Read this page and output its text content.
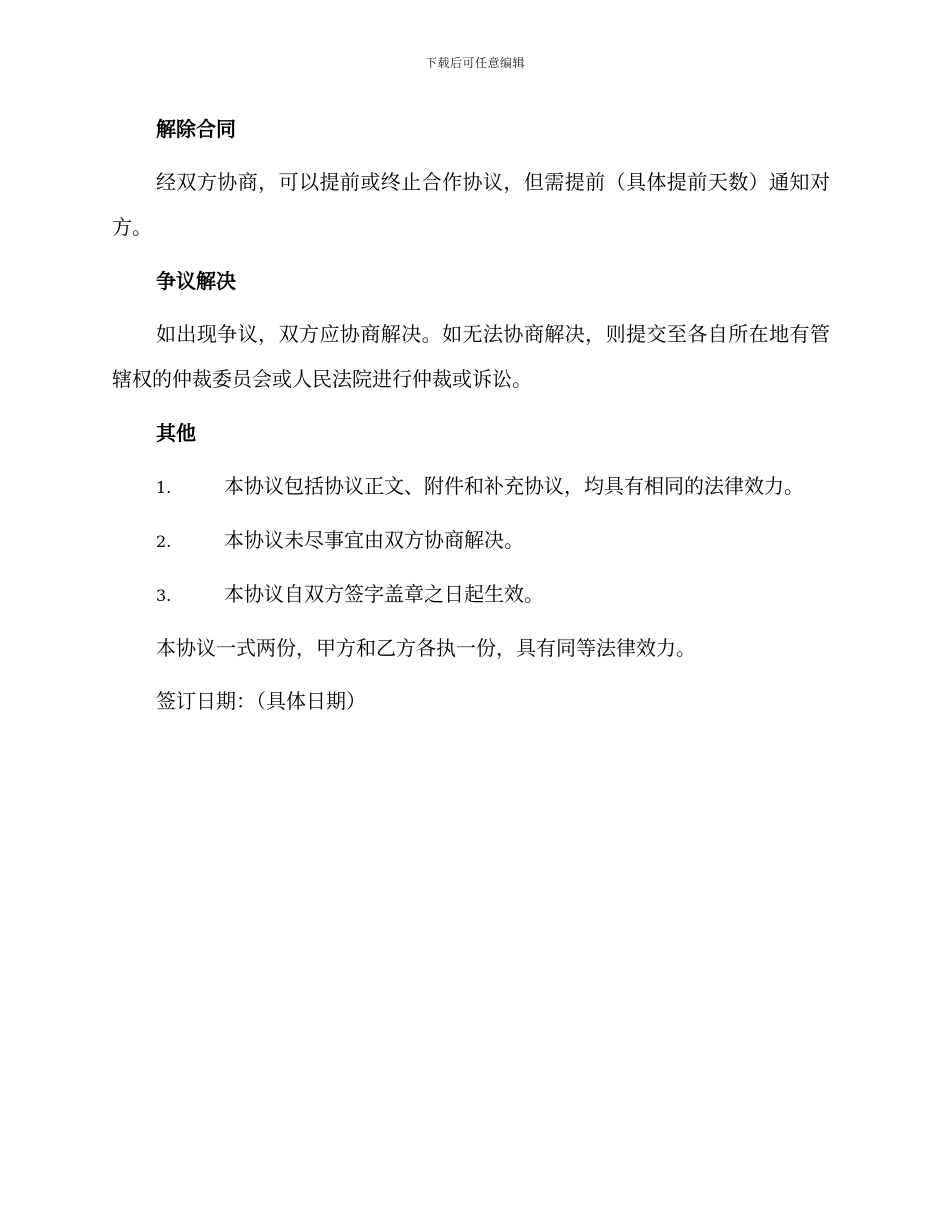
下载后可任意编辑
解除合同
经双方协商，可以提前或终止合作协议，但需提前（具体提前天数）通知对方。
争议解决
如出现争议，双方应协商解决。如无法协商解决，则提交至各自所在地有管辖权的仲裁委员会或人民法院进行仲裁或诉讼。
其他
1.	本协议包括协议正文、附件和补充协议，均具有相同的法律效力。
2.	本协议未尽事宜由双方协商解决。
3.	本协议自双方签字盖章之日起生效。
本协议一式两份，甲方和乙方各执一份，具有同等法律效力。
签订日期：（具体日期）
